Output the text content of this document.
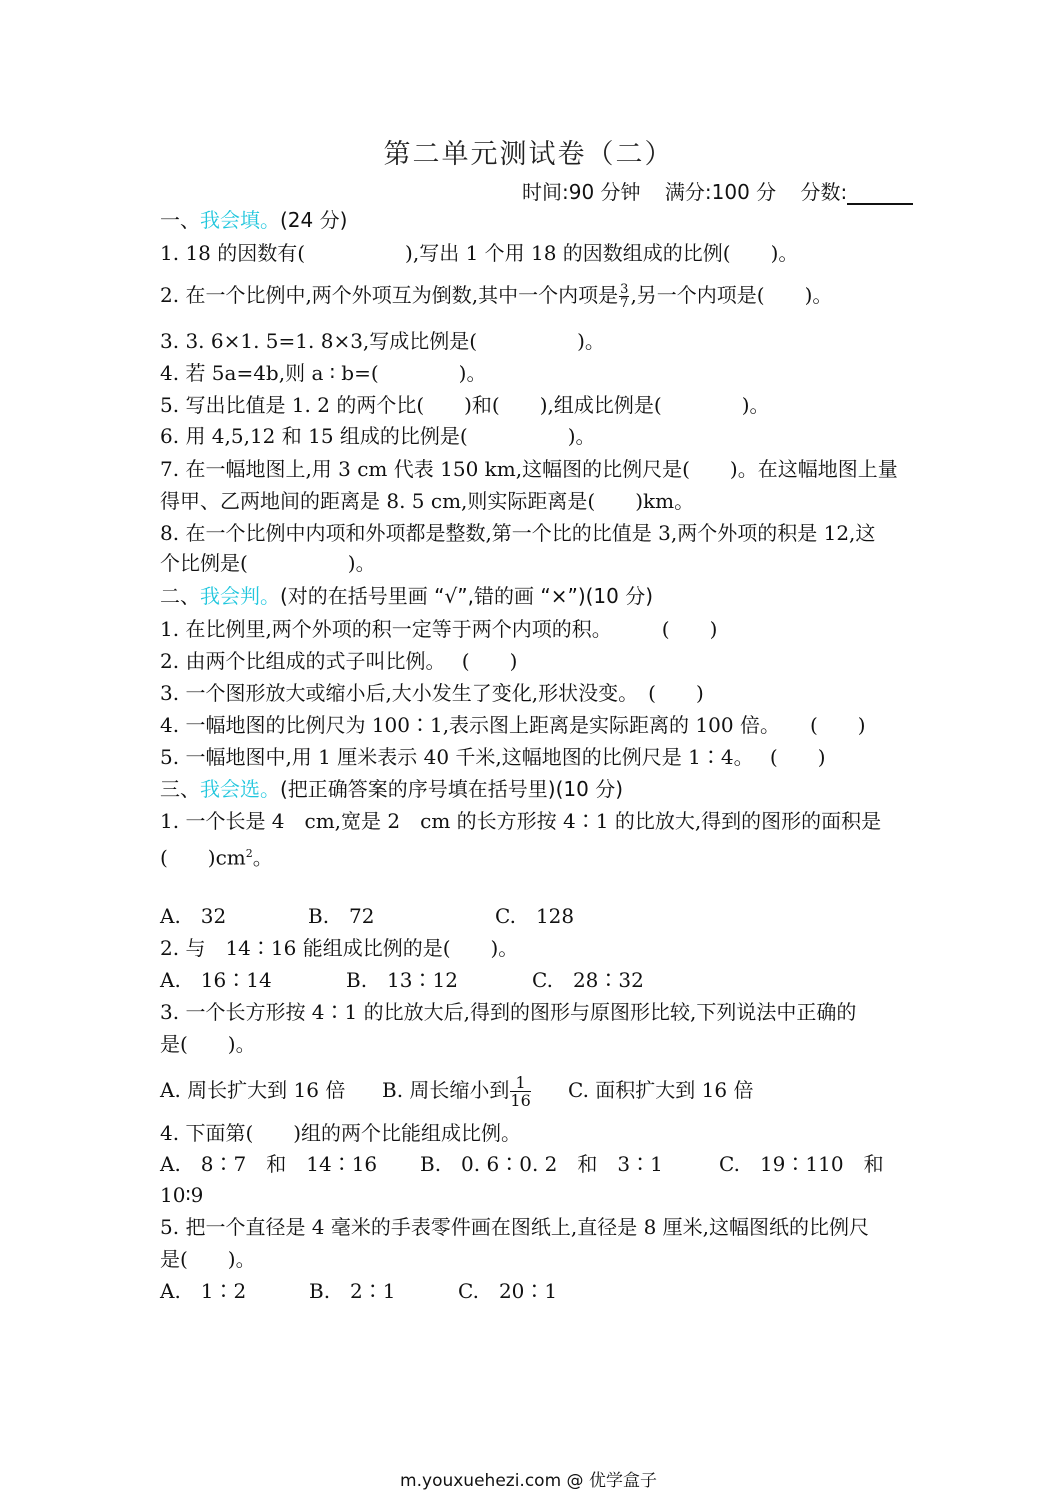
第二单元测试卷（二）
时间:90 分钟 满分:100 分 分数:
一、我会填。(24 分)
1. 18 的因数有(　　　　　),写出 1 个用 18 的因数组成的比例(　　)。
2. 在一个比例中,两个外项互为倒数,其中一个内项是 $\frac{3}{7}$ ,另一个内项是(　　)。
3. 3. 6×1. 5=1. 8×3,写成比例是(　　　　　)。
4. 若 5a=4b,则 a ∶ b=(　　　　)。
5. 写出比值是 1. 2 的两个比(　　)和(　　),组成比例是(　　　　)。
6. 用 4,5,12 和 15 组成的比例是(　　　　　)。
7. 在一幅地图上,用 3 cm 代表 150 km,这幅图的比例尺是(　　)。在这幅地图上量
得甲、乙两地间的距离是 8. 5 cm,则实际距离是(　　)km。
8. 在一个比例中内项和外项都是整数,第一个比的比值是 3,两个外项的积是 12,这
个比例是(　　　　　)。
二、我会判。(对的在括号里画 “√”,错的画 “×”)(10 分)
1. 在比例里,两个外项的积一定等于两个内项的积。　　　(　　)
2. 由两个比组成的式子叫比例。　 (　　)
3. 一个图形放大或缩小后,大小发生了变化,形状没变。　(　　)
4. 一幅地图的比例尺为 100∶1,表示图上距离是实际距离的 100 倍。　　(　　)
5. 一幅地图中,用 1 厘米表示 40 千米,这幅地图的比例尺是 1∶4。　 (　　)
三、我会选。(把正确答案的序号填在括号里)(10 分)
1. 一个长是 4　cm,宽是 2　cm 的长方形按 4∶1 的比放大,得到的图形的面积是
(　　)$cm^2$。
A.　32	B.　72	C.　128
2. 与　14∶16 能组成比例的是(　　)。
A.　16∶14	B.　13∶12	C.　28∶32
3. 一个长方形按 4∶1 的比放大后,得到的图形与原图形比较,下列说法中正确的
是(　　)。
A. 周长扩大到 16 倍 B. 周长缩小到 $\frac{1}{16} C$. 面积扩大到 16 倍
4. 下面第(　　)组的两个比能组成比例。
A.　8∶7　和　14∶16 B.　0. 6∶0. 2　和　3∶1	C.　19∶110　和
10∶9
5. 把一个直径是 4 毫米的手表零件画在图纸上,直径是 8 厘米,这幅图纸的比例尺
是(　　)。
A.　1∶2	B.　2∶1	C.　20∶1
m.youxuehezi.com @ 优学盒子
